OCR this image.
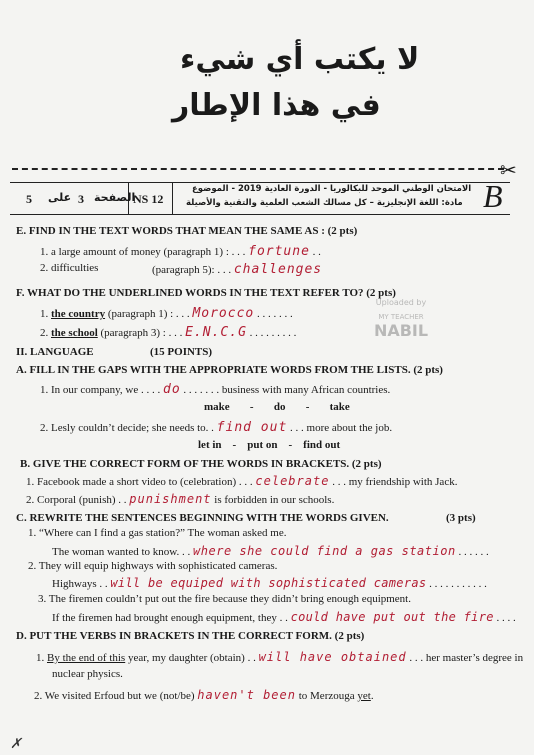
لا يكتب أي شيء
في هذا الإطار
✂
5 على 3 الصفحة
NS 12
الامتحان الوطني الموحد للبكالوريا - الدورة العادية 2019 - الموضوع
مادة: اللغة الإنجليزية – كل مسالك الشعب العلمية والتقنية والأصيلة B
Uploaded by
MY TEACHER
NABIL
E. FIND IN THE TEXT WORDS THAT MEAN THE SAME AS : (2 pts)
1. a large amount of money (paragraph 1) : . . . fortune . .
2. difficulties	(paragraph 5): . . . challenges
F. WHAT DO THE UNDERLINED WORDS IN THE TEXT REFER TO? (2 pts)
1. the country (paragraph 1) : . . . Morocco . . . . . . .
2. the school (paragraph 3) : . . . E.N.C.G . . . . . . . . .
II. LANGUAGE	(15 POINTS)
A. FILL IN THE GAPS WITH THE APPROPRIATE WORDS FROM THE LISTS. (2 pts)
1. In our company, we . . . . do . . . . . . . business with many African countries.
make - do - take
2. Lesly couldn’t decide; she needs to. . find out . . . more about the job.
let in - put on - find out
B. GIVE THE CORRECT FORM OF THE WORDS IN BRACKETS. (2 pts)
1. Facebook made a short video to (celebration) . . . celebrate . . . my friendship with Jack.
2. Corporal (punish) . . punishment is forbidden in our schools.
C. REWRITE THE SENTENCES BEGINNING WITH THE WORDS GIVEN.	(3 pts)
1. “Where can I find a gas station?” The woman asked me.
The woman wanted to know. . . where she could find a gas station . . . . . .
2. They will equip highways with sophisticated cameras.
Highways . . will be equiped with sophisticated cameras . . . . . . . . . . .
3. The firemen couldn’t put out the fire because they didn’t bring enough equipment.
If the firemen had brought enough equipment, they . . could have put out the fire . . . .
D. PUT THE VERBS IN BRACKETS IN THE CORRECT FORM. (2 pts)
1. By the end of this year, my daughter (obtain) . . will have obtained . . . her master’s degree in
nuclear physics.
2. We visited Erfoud but we (not/be) haven't been to Merzouga yet.
✗
